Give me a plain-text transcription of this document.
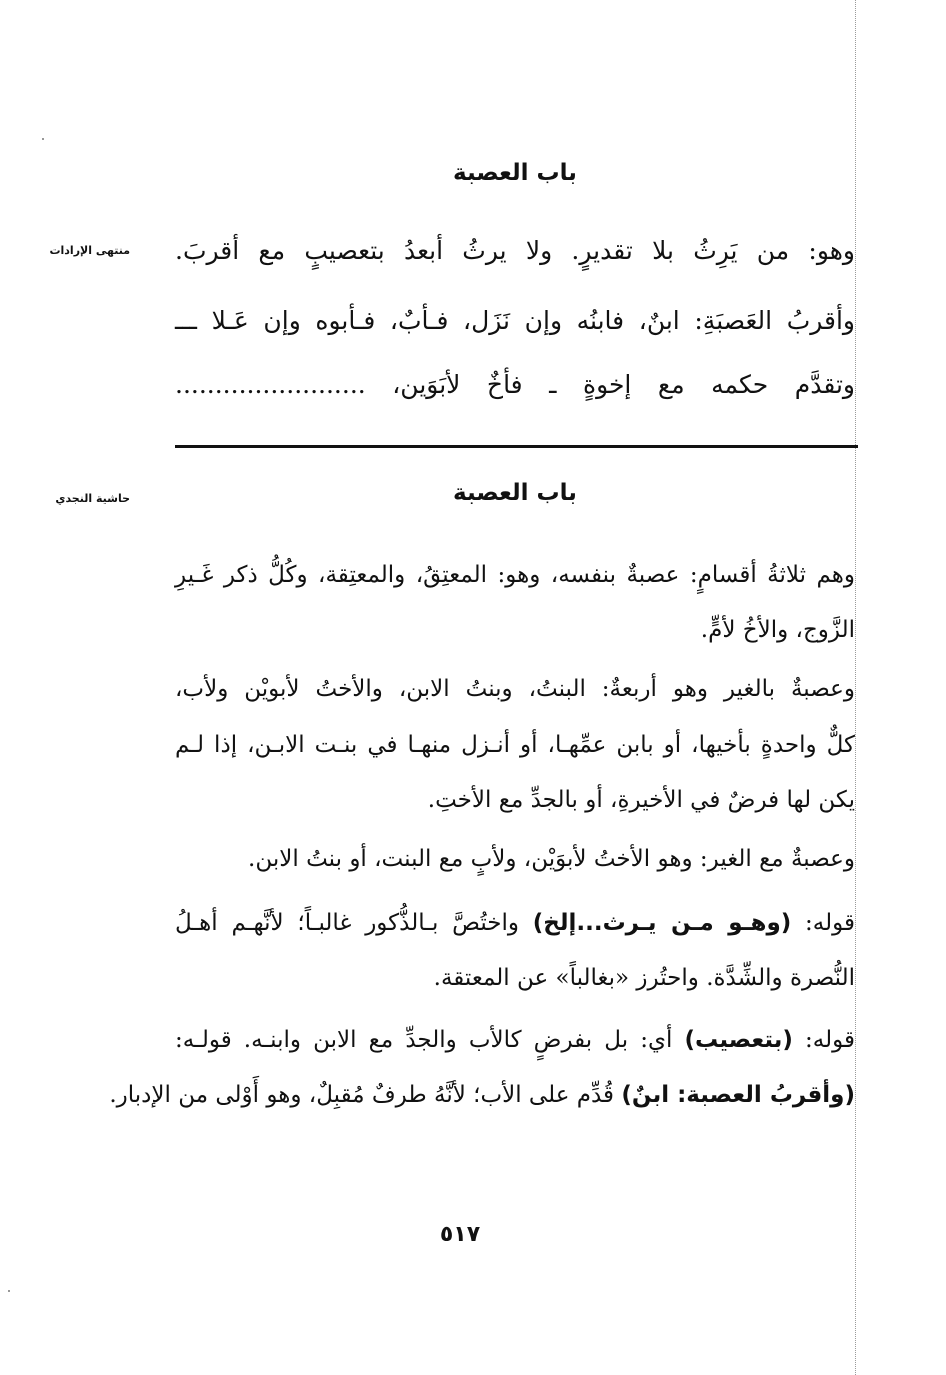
باب العصبة
منتهى الإرادات وهو: من يَرِثُ بلا تقديرٍ. ولا يرثُ أبعدُ بتعصيبٍ مع أقربَ.
وأقربُ العَصبَةِ: ابنٌ، فابنُه وإن نَزَل، فـأبٌ، فـأبوه وإن عَـلا ـــ
وتقدَّم حكمه مع إخوةٍ ـ فأخٌ لأبَوَين، ........................
باب العصبة
حاشية النجدي
وهم ثلاثةُ أقسامٍ: عصبةٌ بنفسه، وهو: المعتِقُ، والمعتِقة، وكُلُّ ذكر غَـيرِ
الزَّوج، والأخُ لأمٍّ.
وعصبةٌ بالغير وهو أربعةٌ: البنتُ، وبنتُ الابن، والأختُ لأبويْن ولأب،
كلٌّ واحدةٍ بأخيها، أو بابن عمِّهـا، أو أنـزل منهـا في بنـت الابـن، إذا لـم
يكن لها فرضٌ في الأخيرةِ، أو بالجدِّ مع الأختِ.
وعصبةٌ مع الغير: وهو الأختُ لأبوَيْن، ولأبٍ مع البنت، أو بنتُ الابن.
قوله: (وهـو مـن يـرث...إلخ) واختُصَّ بـالذُّكور غالبـاً؛ لأنَّهـم أهـلُ
النُّصرة والشِّدَّة. واحتُرز «بغالباً» عن المعتقة.
قوله: (بتعصيب) أي: بل بفرضٍ كالأب والجدِّ مع الابن وابنـه. قولـه:
(وأقربُ العصبة: ابنٌ) قُدِّم على الأب؛ لأنَّهُ طرفٌ مُقبِلٌ، وهو أَوْلى من الإدبار.
٥١٧
